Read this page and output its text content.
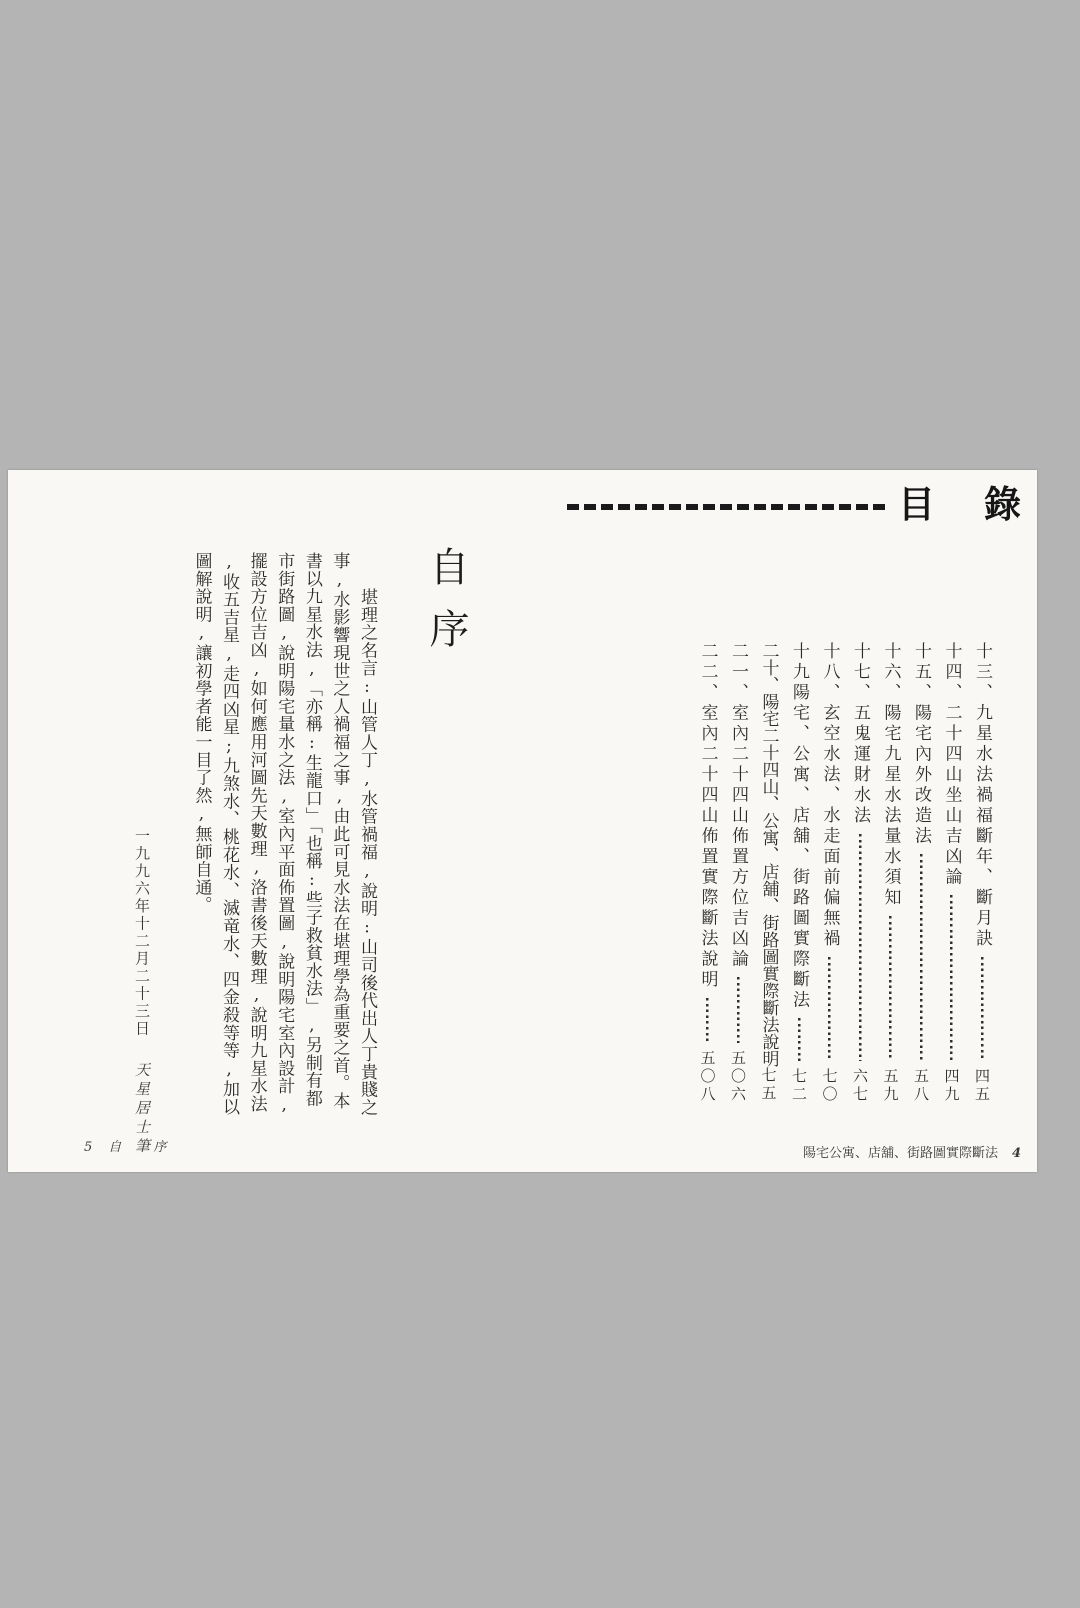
目　錄
十三、九星水法禍福斷年、斷月訣
四五
十四、二十四山坐山吉凶論
四九
十五、陽宅內外改造法
五八
十六、陽宅九星水法量水須知
五九
十七、五鬼運財水法
六七
十八、玄空水法、水走面前偏無禍
七〇
十九陽宅、公寓、店舖、街路圖實際斷法
七二
二十、陽宅二十四山、公寓、店舖、街路圖實際斷法說明
七五
二一、室內二十四山佈置方位吉凶論
五〇六
二二、室內二十四山佈置實際斷法說明
五〇八
陽宅公寓、店舖、街路圖實際斷法 4
自序
堪理之名言:山管人丁,水管禍福,說明:山司後代出人丁貴賤之
事,水影響現世之人禍福之事,由此可見水法在堪理學為重要之首。本
書以九星水法,「亦稱:生龍口」「也稱:些子救貧水法」,另制有都
市街路圖,說明陽宅量水之法,室內平面佈置圖,說明陽宅室內設計,
擺設方位吉凶,如何應用河圖先天數理,洛書後天數理,說明九星水法
,收五吉星,走四凶星;九煞水、桃花水、滅竜水、四金殺等等,加以
圖解說明,讓初學者能一目了然,無師自通。
一九九六年十二月二十三日天星居士筆
5 自 序
